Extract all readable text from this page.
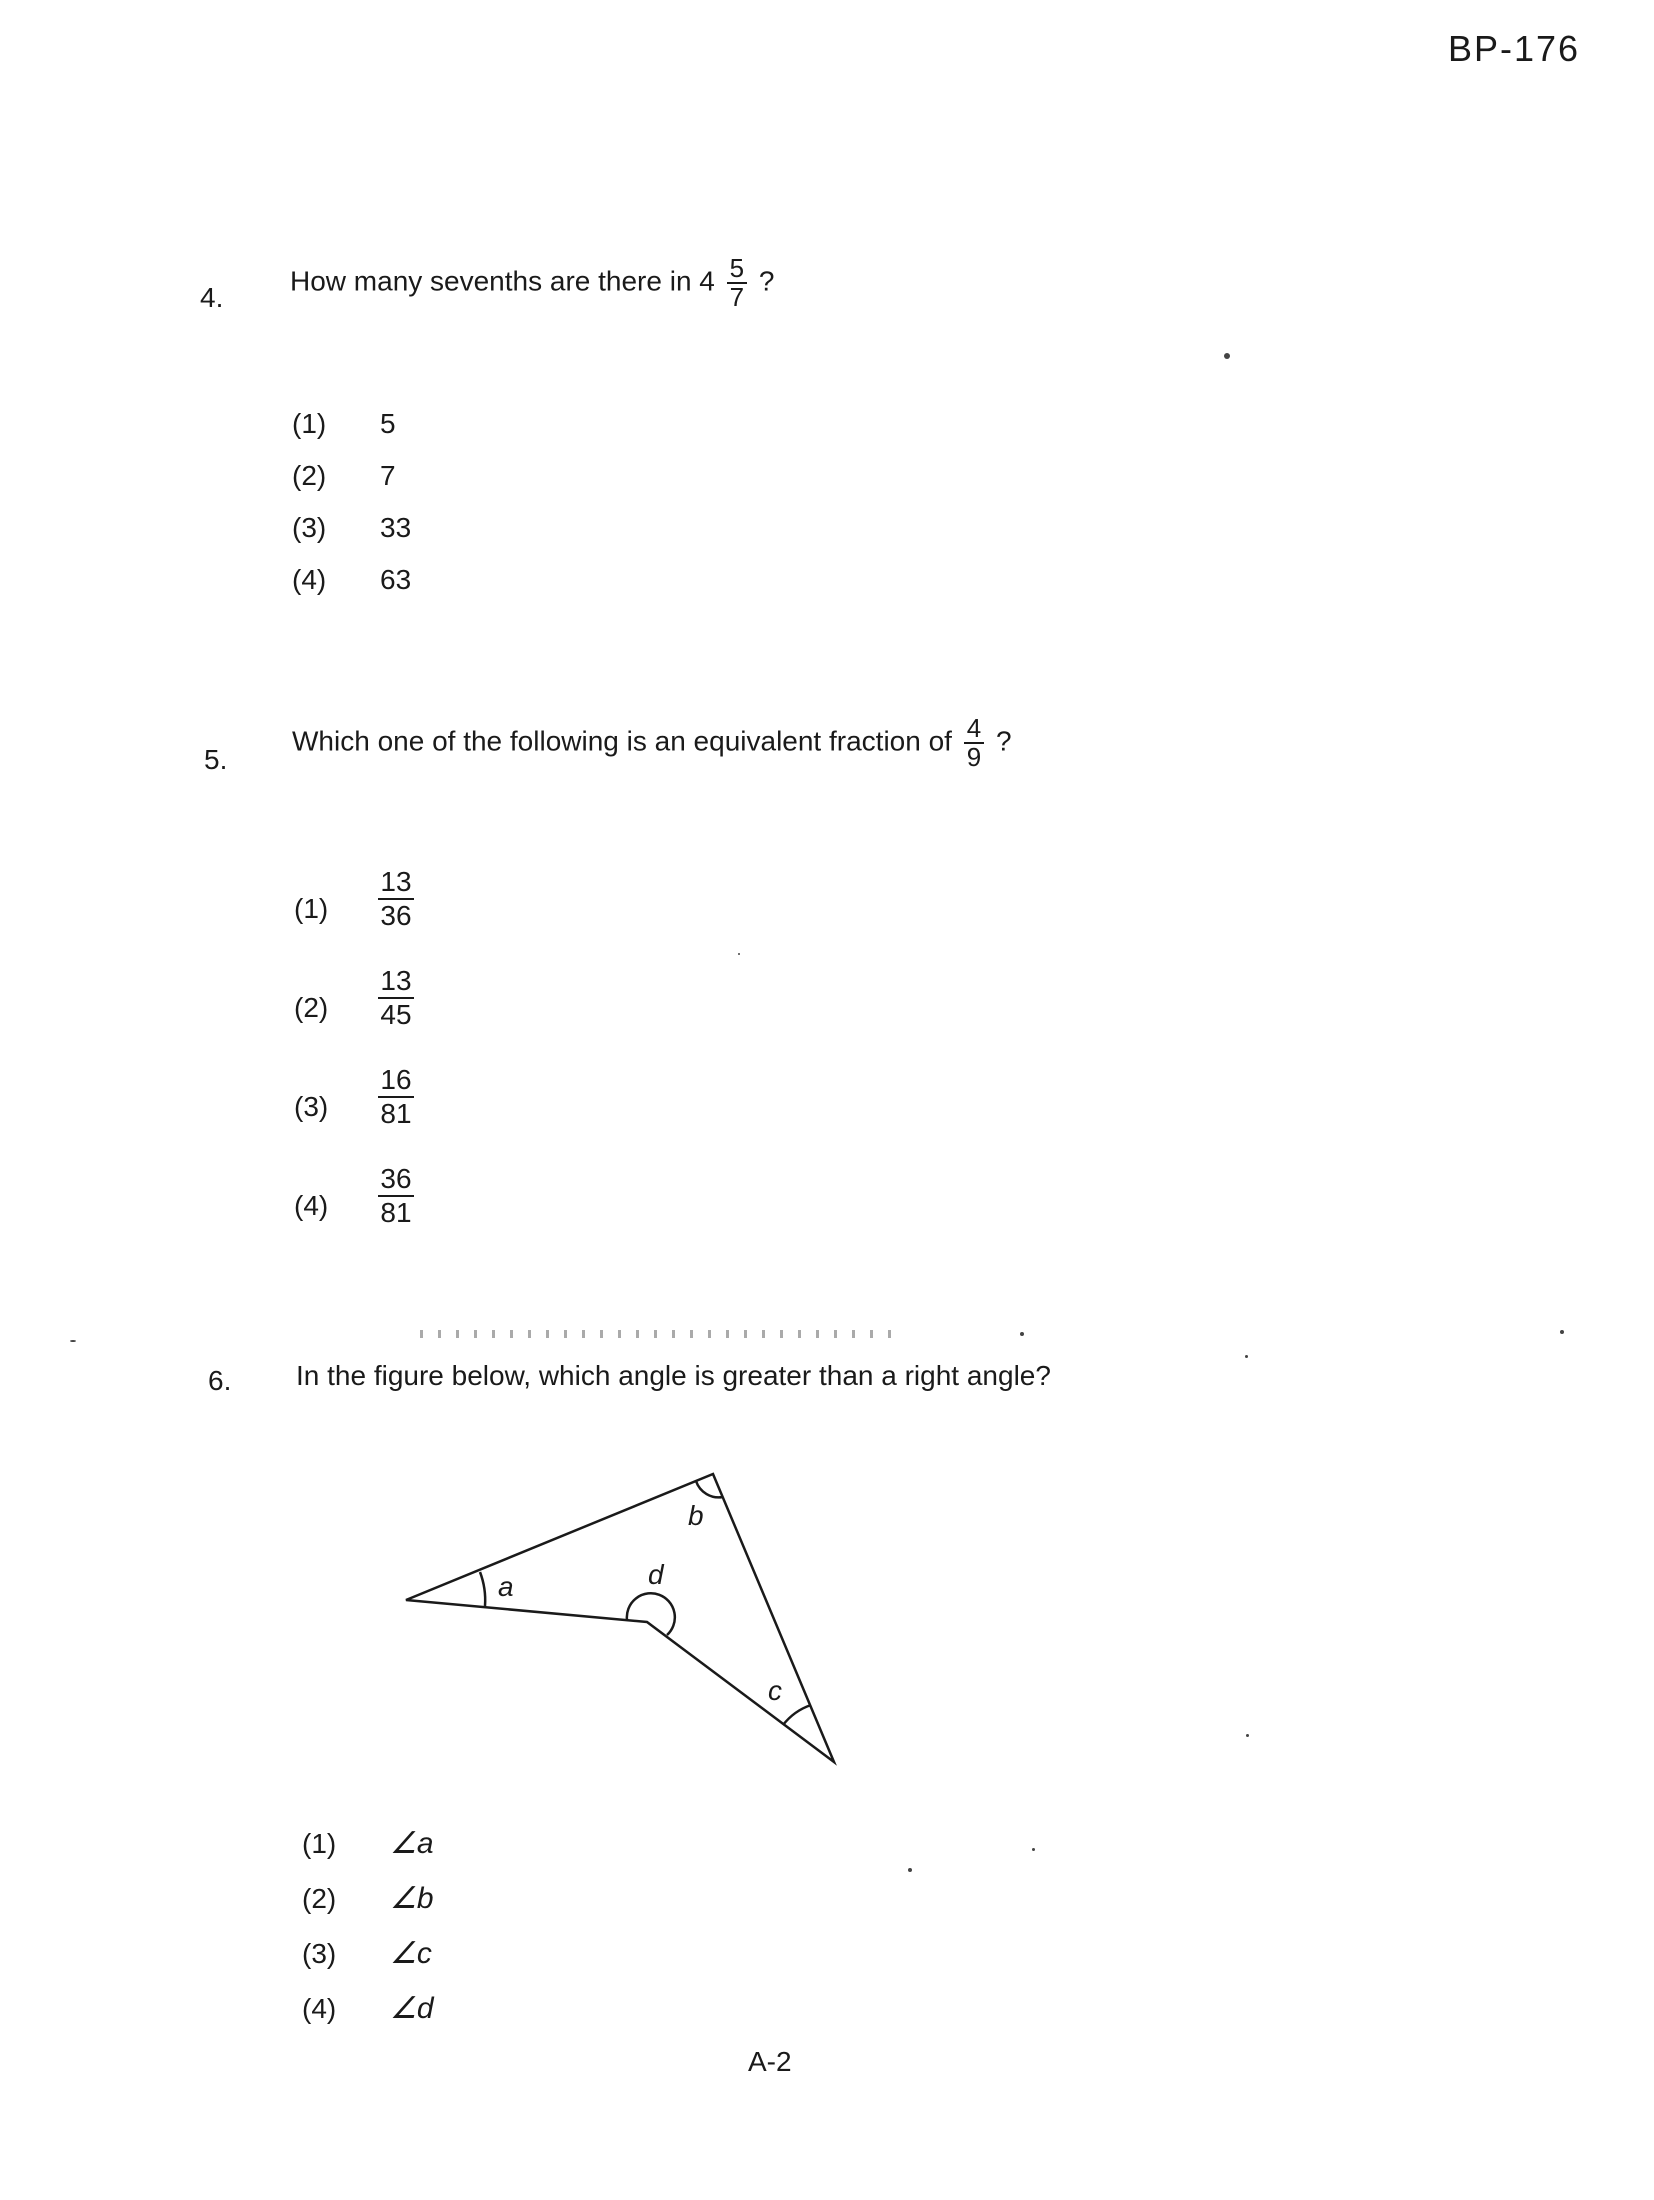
BP-176
4.
How many sevenths are there in $4 \frac{5}{7}$ ?
(1) 5
(2) 7
(3) 33
(4) 63
5.
Which one of the following is an equivalent fraction of $\frac{4}{9}$ ?
$(1) \frac{13}{36}$
$(2) \frac{13}{45}$
$(3) \frac{16}{81}$
$(4) \frac{36}{81}$
6. In the figure below, which angle is greater than a right angle?
a
b
c
d
(1) ∠a
(2) ∠b
(3) ∠c
(4) ∠d
A-2
